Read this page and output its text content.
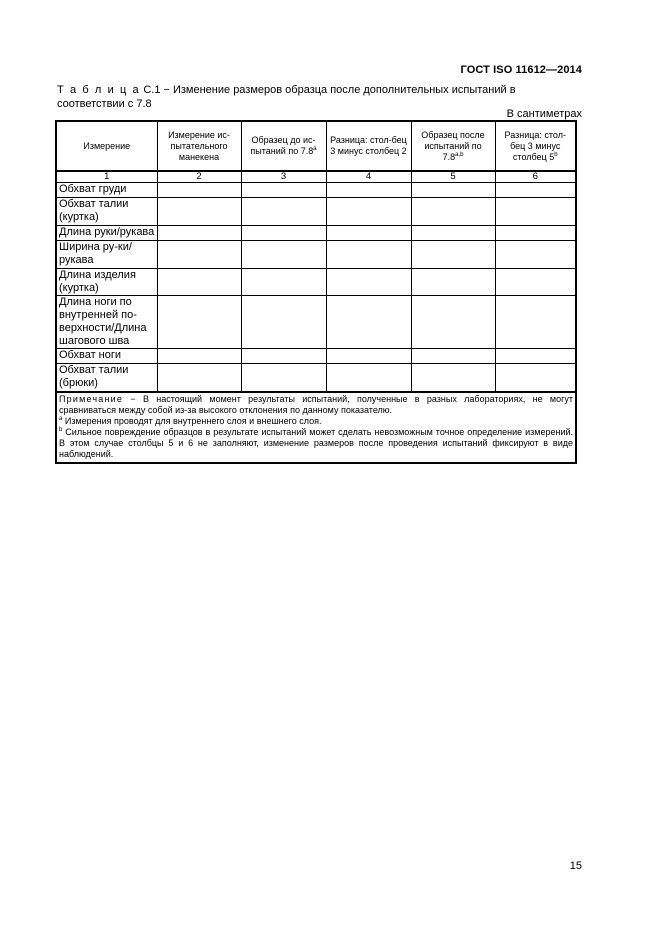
ГОСТ ISO 11612—2014
Т а б л и ц а С.1 − Изменение размеров образца после дополнительных испытаний в соответствии с 7.8
В сантиметрах
Измерение	Измерение ис-пытательного манекена	Образец до ис-пытаний по 7.8$^a$	Разница: стол-бец 3 минус столбец 2	Образец после испытаний по 7.8$^{a,b}$	Разница: стол-бец 3 минус столбец 5$^b$
1	2	3	4	5	6
Обхват груди					
Обхват талии (куртка)					
Длина руки/рукава					
Ширина ру-ки/рукава					
Длина изделия (куртка)					
Длина ноги по внутренней по-верхности/Длина шагового шва					
Обхват ноги					
Обхват талии (брюки)					

Примечание − В настоящий момент результаты испытаний, полученные в разных лабораториях, не могут сравниваться между собой из-за высокого отклонения по данному показателю.
$^a$ Измерения проводят для внутреннего слоя и внешнего слоя.
$^b$ Сильное повреждение образцов в результате испытаний может сделать невозможным точное определение измерений. В этом случае столбцы 5 и 6 не заполняют, изменение размеров после проведения испытаний фиксируют в виде наблюдений.					
15
